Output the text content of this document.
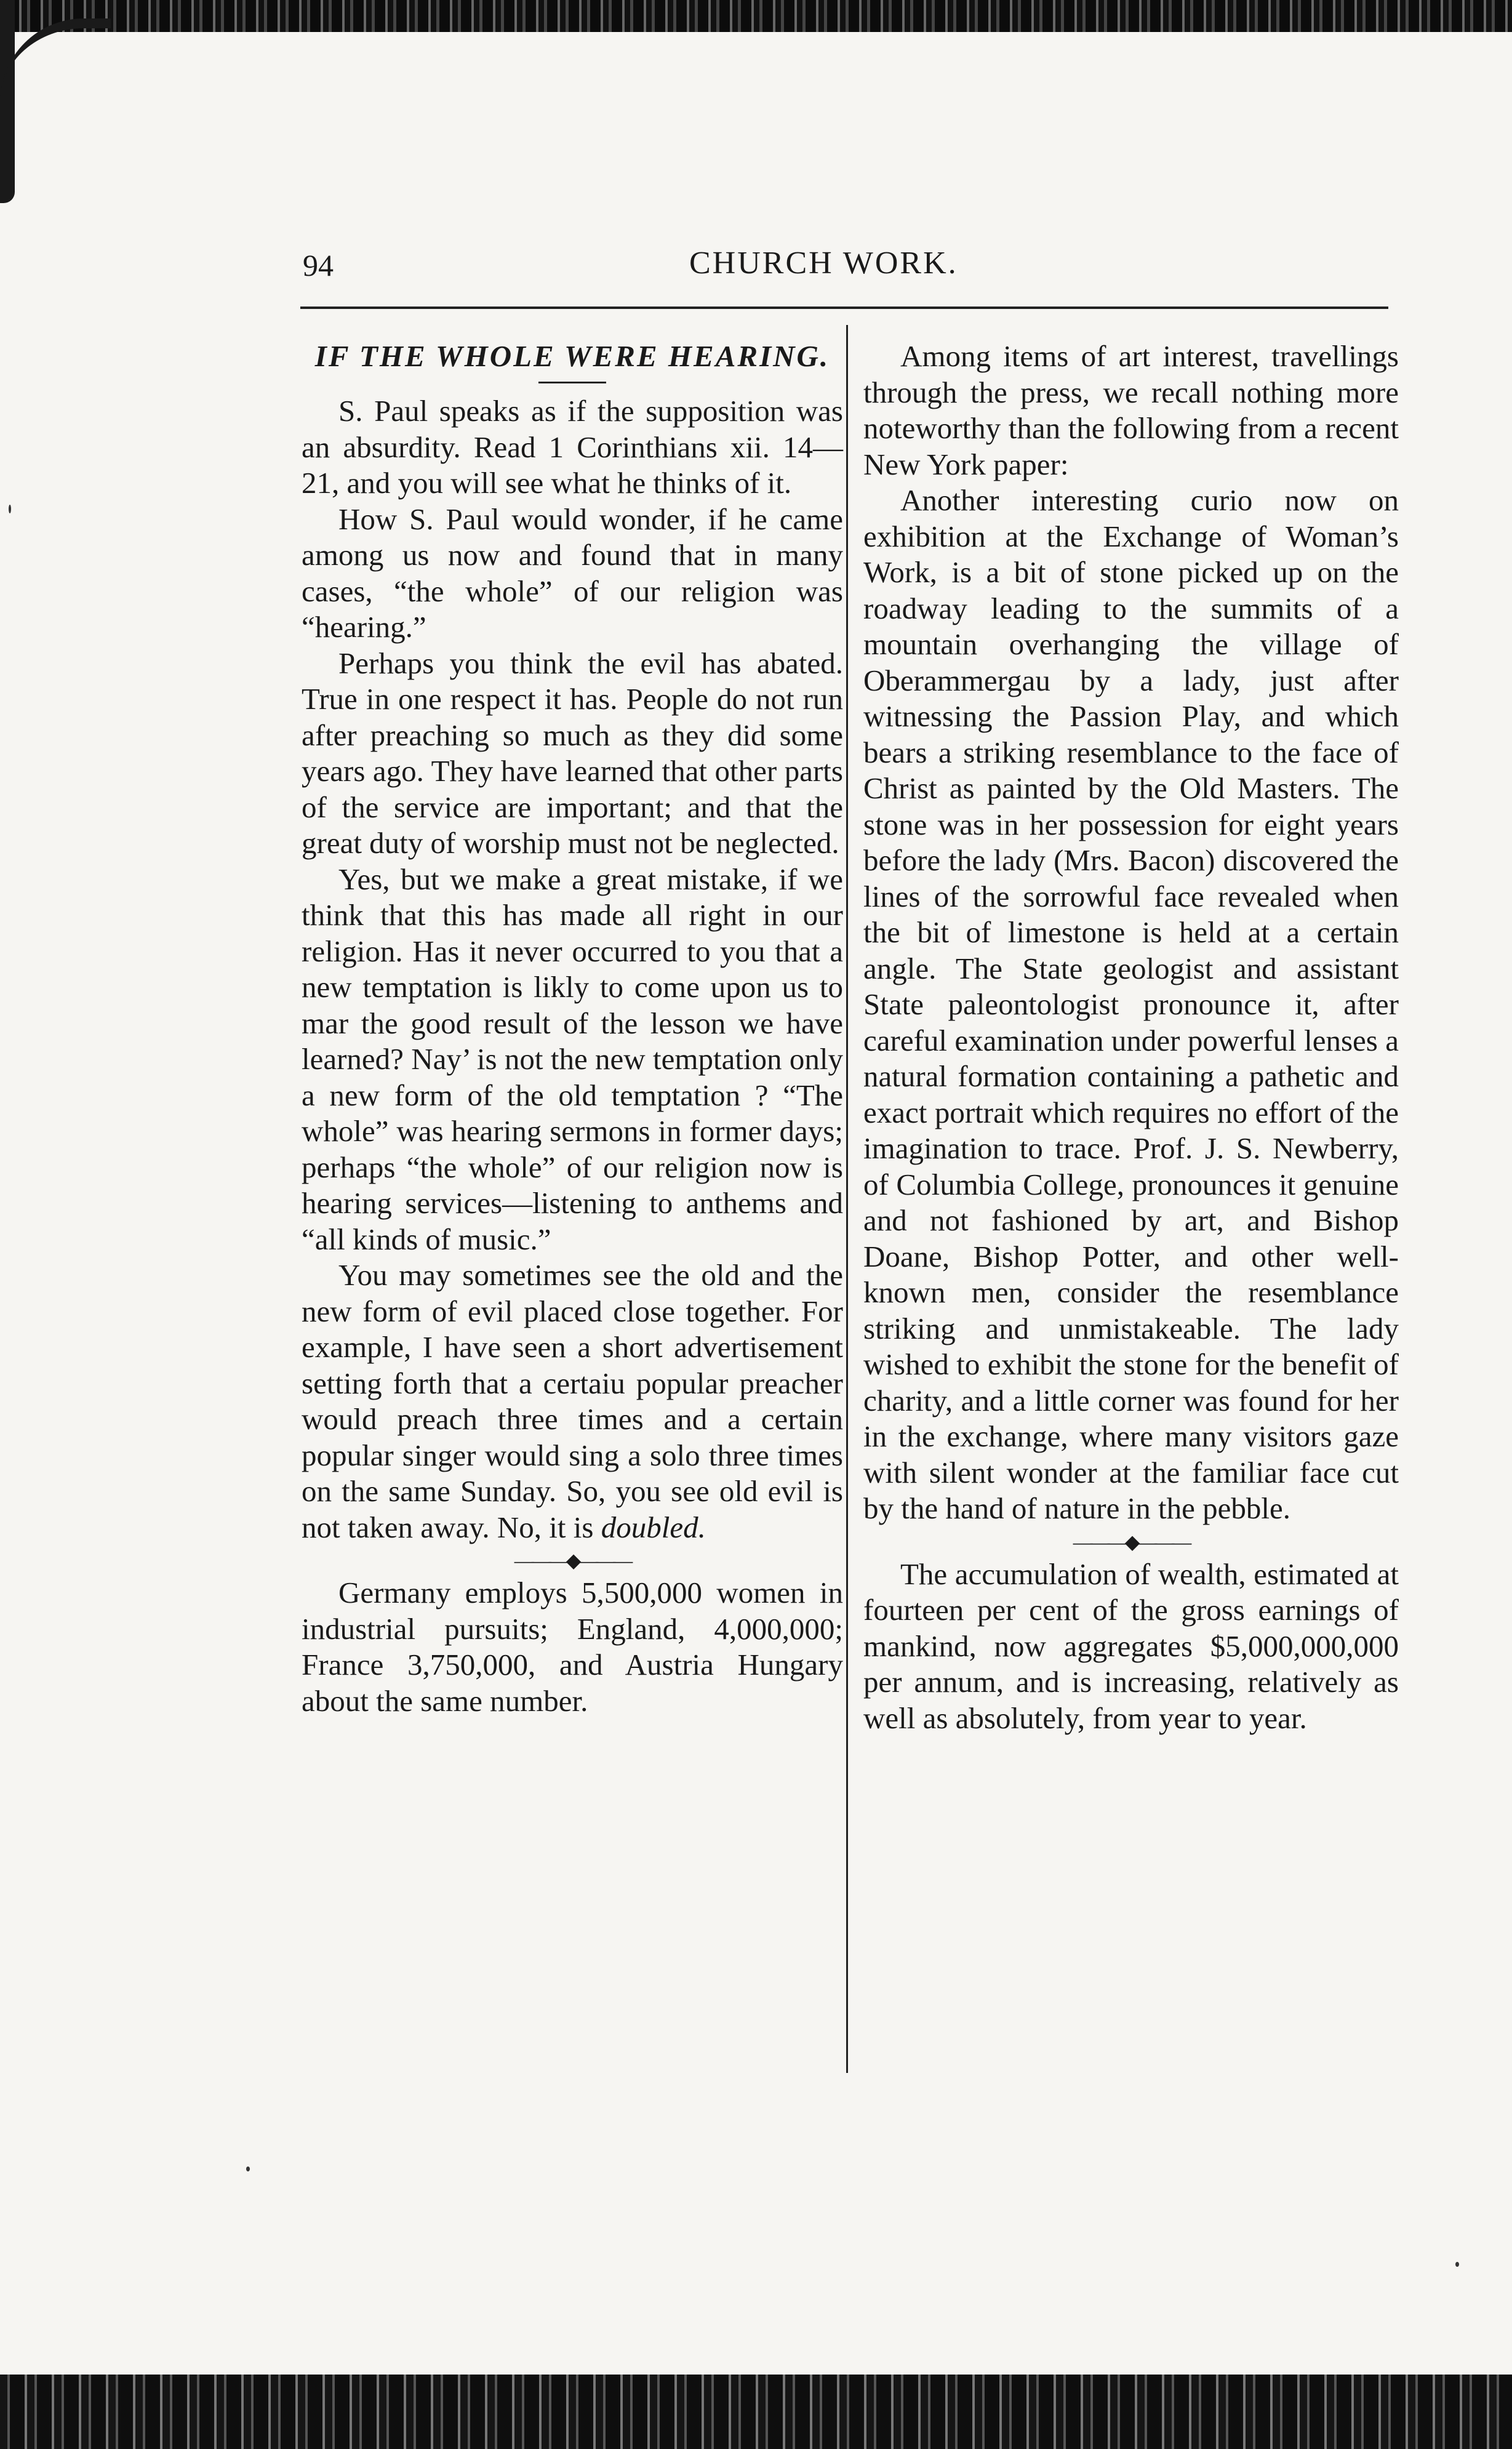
94	CHURCH WORK.
IF THE WHOLE WERE HEARING.

S. Paul speaks as if the supposition was an absurdity. Read 1 Corinthians xii. 14—21, and you will see what he thinks of it.

How S. Paul would wonder, if he came among us now and found that in many cases, “the whole” of our religion was “hearing.”

Perhaps you think the evil has abated. True in one respect it has. People do not run after preaching so much as they did some years ago. They have learned that other parts of the service are important; and that the great duty of worship must not be neglected.

Yes, but we make a great mistake, if we think that this has made all right in our religion. Has it never occurred to you that a new temptation is likly to come upon us to mar the good result of the lesson we have learned? Nay’ is not the new temptation only a new form of the old temptation ? “The whole” was hearing sermons in former days; perhaps “the whole” of our religion now is hearing services—listening to anthems and “all kinds of music.”

You may sometimes see the old and the new form of evil placed close together. For example, I have seen a short advertisement setting forth that a certaiu popular preacher would preach three times and a certain popular singer would sing a solo three times on the same Sunday. So, you see old evil is not taken away. No, it is doubled.

———◆———

Germany employs 5,500,000 women in industrial pursuits; England, 4,000,000; France 3,750,000, and Austria Hungary about the same number.

Among items of art interest, travellings through the press, we recall nothing more noteworthy than the following from a recent New York paper:

Another interesting curio now on exhibition at the Exchange of Woman’s Work, is a bit of stone picked up on the roadway leading to the summits of a mountain overhanging the village of Oberammergau by a lady, just after witnessing the Passion Play, and which bears a striking resemblance to the face of Christ as painted by the Old Masters. The stone was in her possession for eight years before the lady (Mrs. Bacon) discovered the lines of the sorrowful face revealed when the bit of limestone is held at a certain angle. The State geologist and assistant State paleontologist pronounce it, after careful examination under powerful lenses a natural formation containing a pathetic and exact portrait which requires no effort of the imagination to trace. Prof. J. S. Newberry, of Columbia College, pronounces it genuine and not fashioned by art, and Bishop Doane, Bishop Potter, and other well-known men, consider the resemblance striking and unmistakeable. The lady wished to exhibit the stone for the benefit of charity, and a little corner was found for her in the exchange, where many visitors gaze with silent wonder at the familiar face cut by the hand of nature in the pebble.

———◆———

The accumulation of wealth, estimated at fourteen per cent of the gross earnings of mankind, now aggregates $5,000,000,000 per annum, and is increasing, relatively as well as absolutely, from year to year.
